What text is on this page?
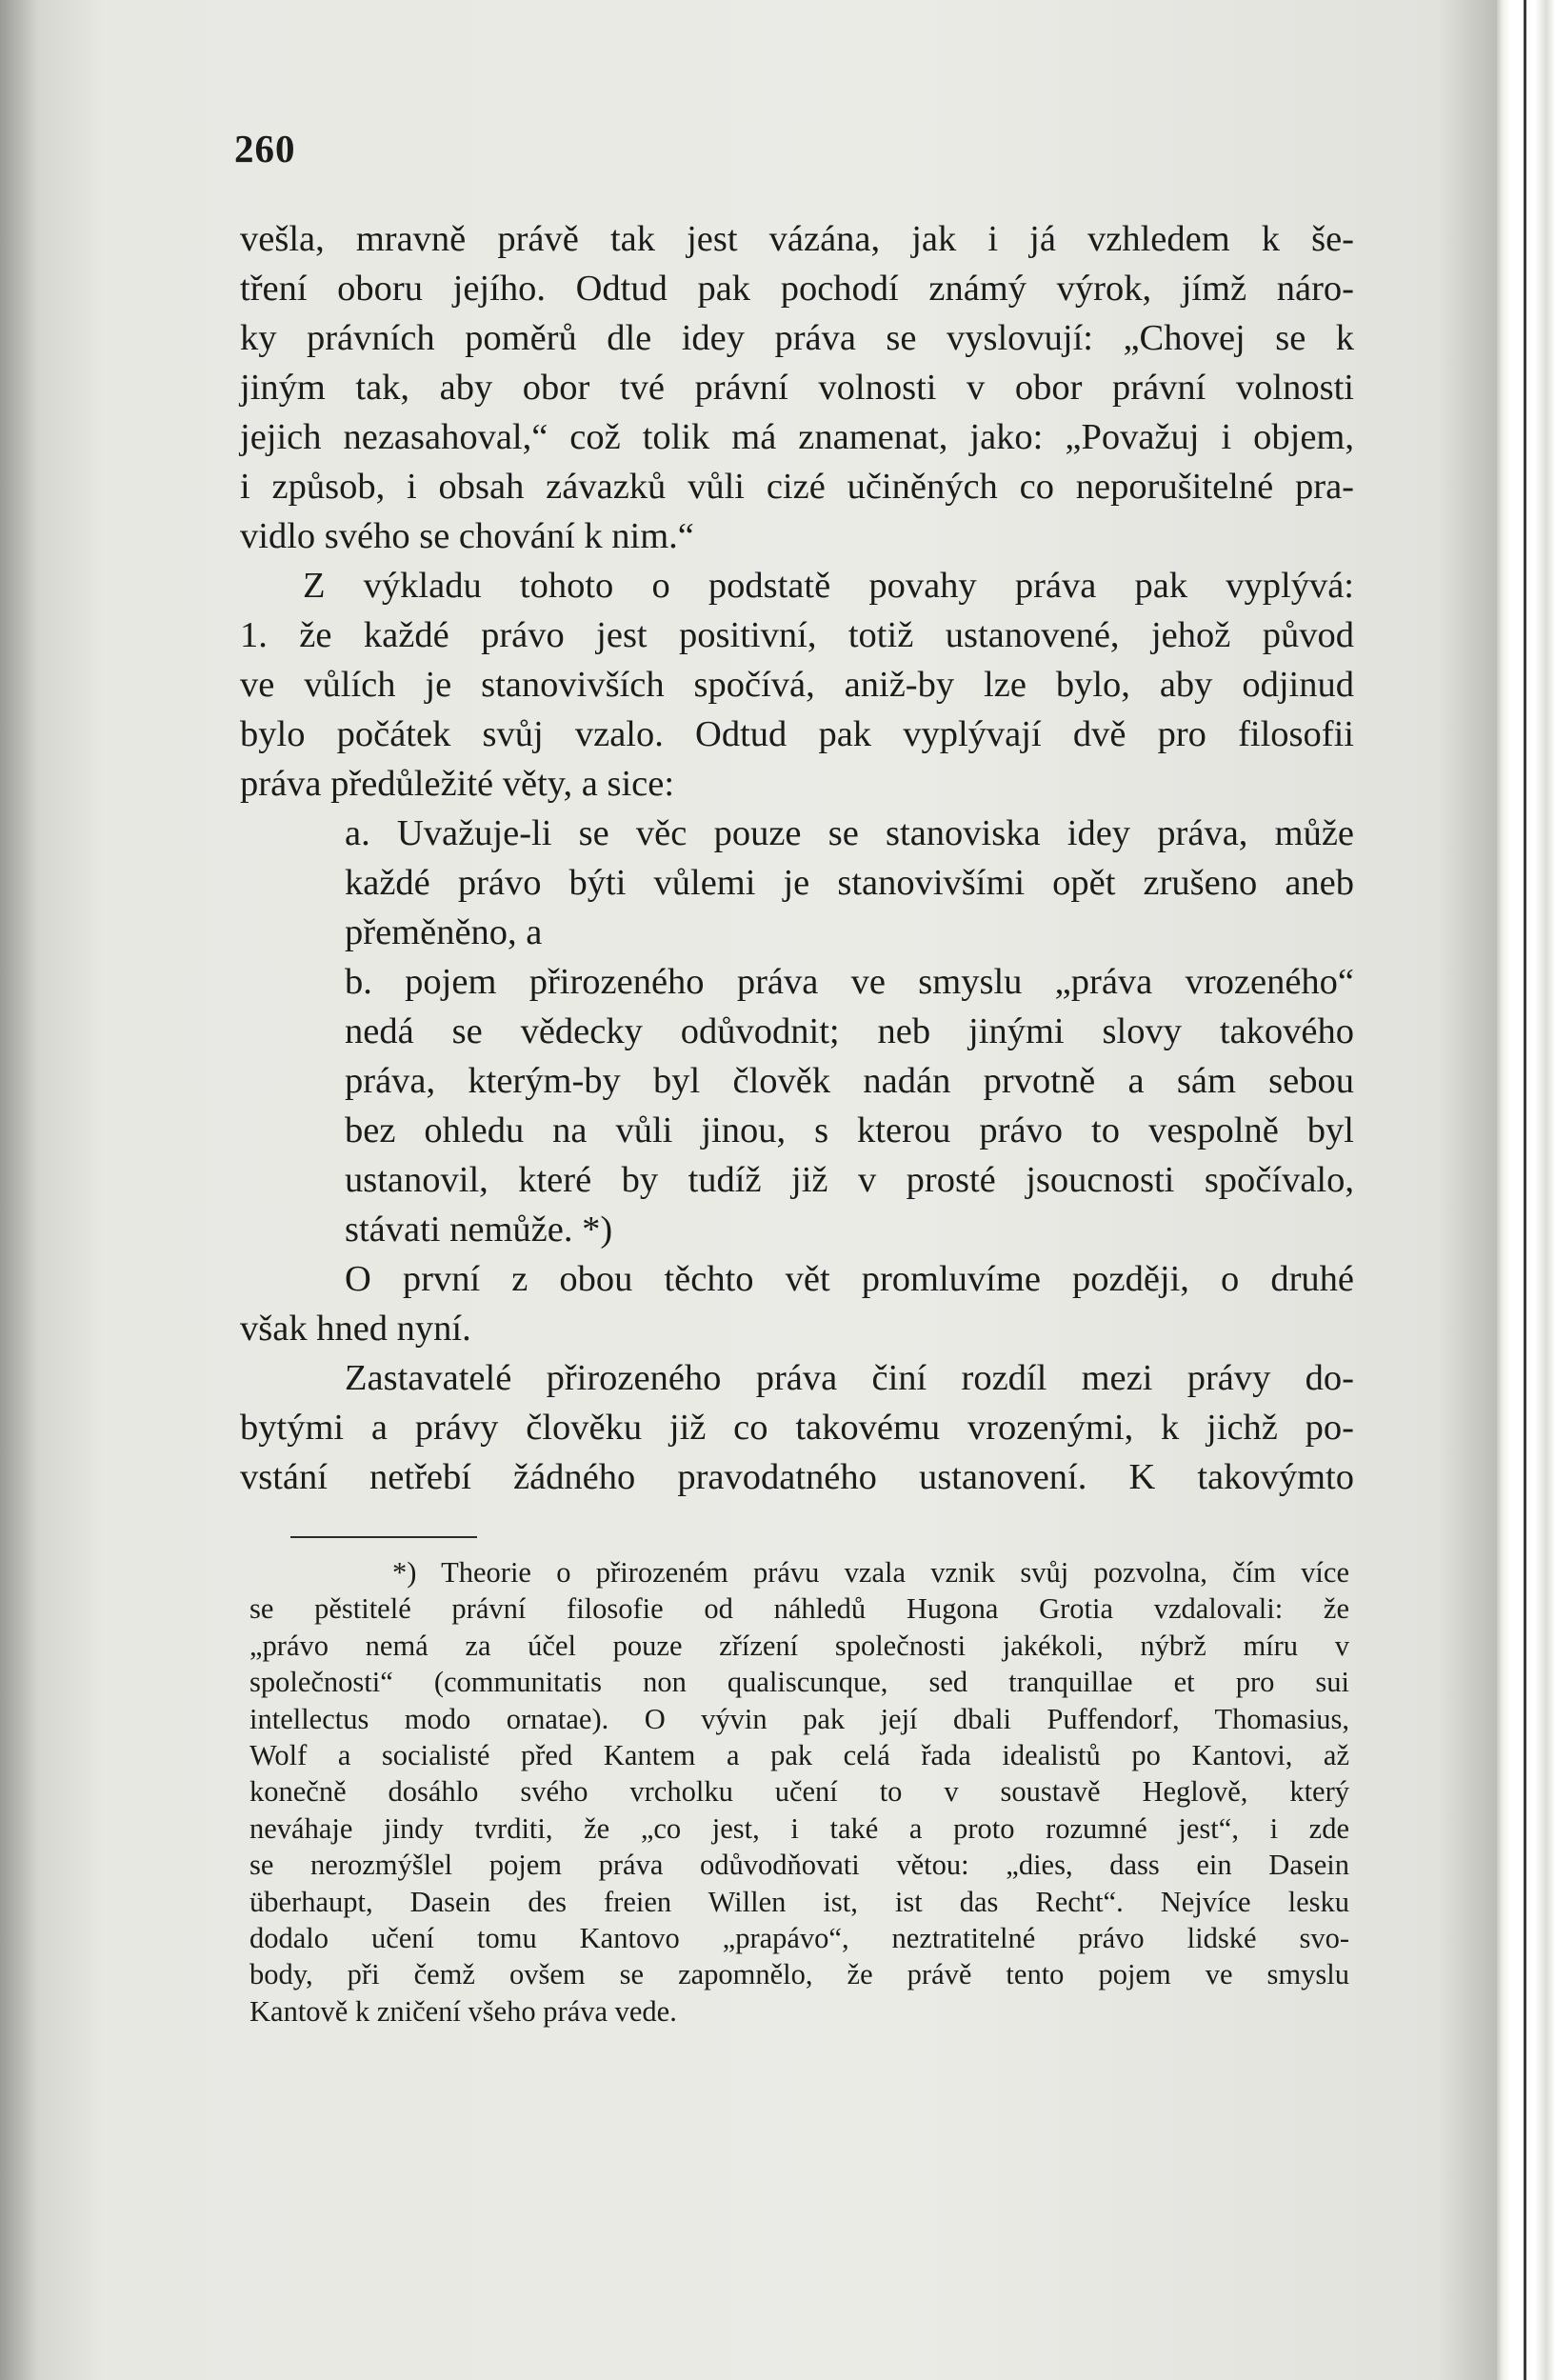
260
vešla, mravně právě tak jest vázána, jak i já vzhledem k še-
tření oboru jejího. Odtud pak pochodí známý výrok, jímž náro-
ky právních poměrů dle idey práva se vyslovují: „Chovej se k
jiným tak, aby obor tvé právní volnosti v obor právní volnosti
jejich nezasahoval,“ což tolik má znamenat, jako: „Považuj i objem,
i způsob, i obsah závazků vůli cizé učiněných co neporušitelné pra-
vidlo svého se chování k nim.“
Z výkladu tohoto o podstatě povahy práva pak vyplývá:
1. že každé právo jest positivní, totiž ustanovené, jehož původ
ve vůlích je stanovivších spočívá, aniž-by lze bylo, aby odjinud
bylo počátek svůj vzalo. Odtud pak vyplývají dvě pro filosofii
práva předůležité věty, a sice:
a. Uvažuje-li se věc pouze se stanoviska idey práva, může
každé právo býti vůlemi je stanovivšími opět zrušeno aneb
přeměněno, a
b. pojem přirozeného práva ve smyslu „práva vrozeného“
nedá se vědecky odůvodnit; neb jinými slovy takového
práva, kterým-by byl člověk nadán prvotně a sám sebou
bez ohledu na vůli jinou, s kterou právo to vespolně byl
ustanovil, které by tudíž již v prosté jsoucnosti spočívalo,
stávati nemůže. *)
O první z obou těchto vět promluvíme později, o druhé
však hned nyní.
Zastavatelé přirozeného práva činí rozdíl mezi právy do-
bytými a právy člověku již co takovému vrozenými, k jichž po-
vstání netřebí žádného pravodatného ustanovení. K takovýmto
*) Theorie o přirozeném právu vzala vznik svůj pozvolna, čím více
se pěstitelé právní filosofie od náhledů Hugona Grotia vzdalovali: že
„právo nemá za účel pouze zřízení společnosti jakékoli, nýbrž míru v
společnosti“ (communitatis non qualiscunque, sed tranquillae et pro sui
intellectus modo ornatae). O vývin pak její dbali Puffendorf, Thomasius,
Wolf a socialisté před Kantem a pak celá řada idealistů po Kantovi, až
konečně dosáhlo svého vrcholku učení to v soustavě Heglově, který
neváhaje jindy tvrditi, že „co jest, i také a proto rozumné jest“, i zde
se nerozmýšlel pojem práva odůvodňovati větou: „dies, dass ein Dasein
überhaupt, Dasein des freien Willen ist, ist das Recht“. Nejvíce lesku
dodalo učení tomu Kantovo „prapávo“, neztratitelné právo lidské svo-
body, při čemž ovšem se zapomnělo, že právě tento pojem ve smyslu
Kantově k zničení všeho práva vede.
